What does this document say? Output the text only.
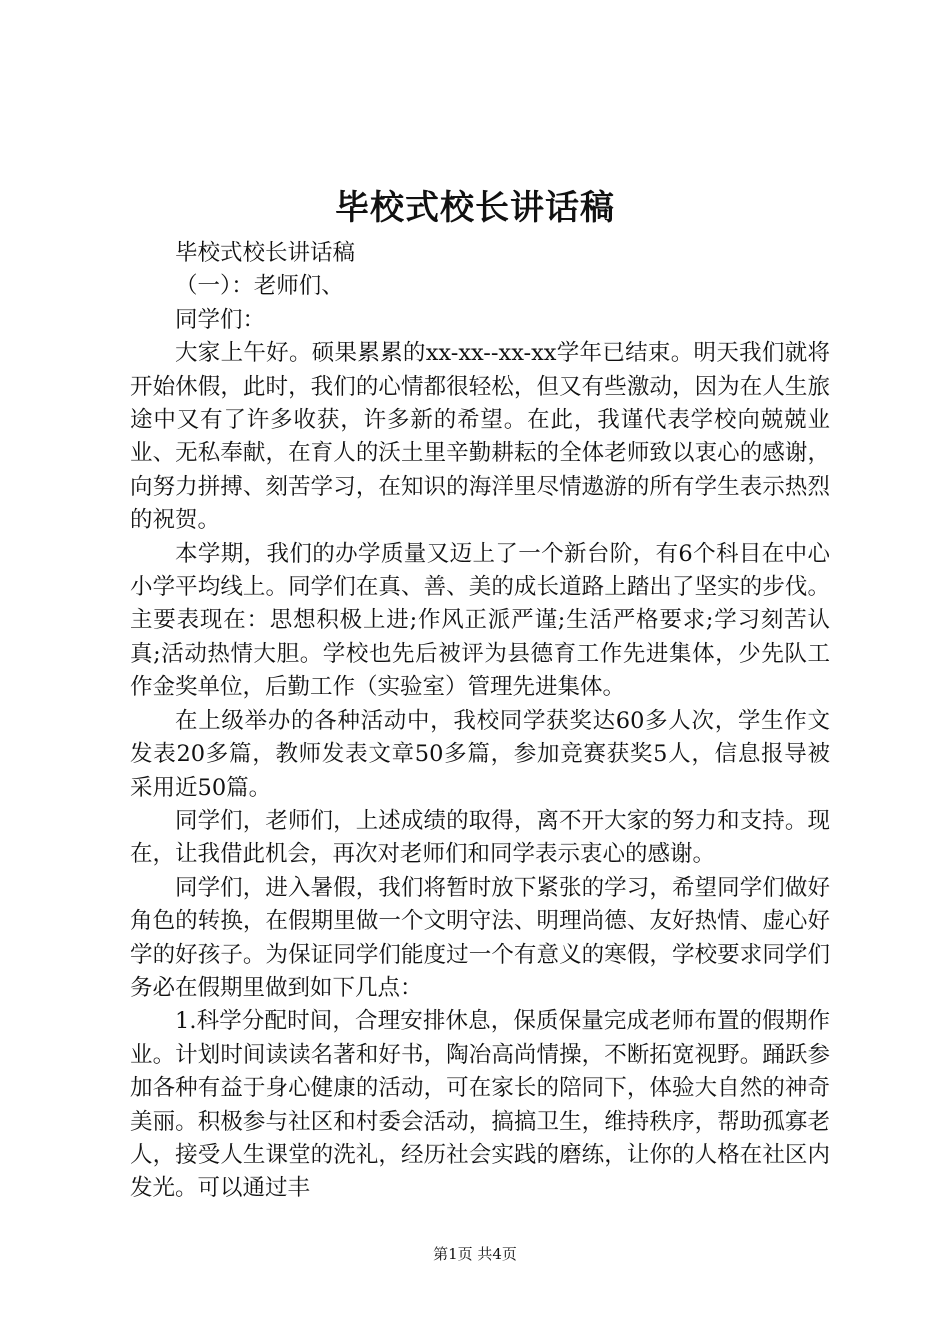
毕校式校长讲话稿

毕校式校长讲话稿

（一）：老师们、

同学们：

大家上午好。硕果累累的xx-xx--xx-xx学年已结束。明天我们就将开始休假，此时，我们的心情都很轻松，但又有些激动，因为在人生旅途中又有了许多收获，许多新的希望。在此，我谨代表学校向兢兢业业、无私奉献，在育人的沃土里辛勤耕耘的全体老师致以衷心的感谢，向努力拼搏、刻苦学习，在知识的海洋里尽情遨游的所有学生表示热烈的祝贺。

本学期，我们的办学质量又迈上了一个新台阶，有6个科目在中心小学平均线上。同学们在真、善、美的成长道路上踏出了坚实的步伐。主要表现在：思想积极上进;作风正派严谨;生活严格要求;学习刻苦认真;活动热情大胆。学校也先后被评为县德育工作先进集体，少先队工作金奖单位，后勤工作（实验室）管理先进集体。

在上级举办的各种活动中，我校同学获奖达60多人次，学生作文发表20多篇，教师发表文章50多篇，参加竞赛获奖5人，信息报导被采用近50篇。

同学们，老师们，上述成绩的取得，离不开大家的努力和支持。现在，让我借此机会，再次对老师们和同学表示衷心的感谢。

同学们，进入暑假，我们将暂时放下紧张的学习，希望同学们做好角色的转换，在假期里做一个文明守法、明理尚德、友好热情、虚心好学的好孩子。为保证同学们能度过一个有意义的寒假，学校要求同学们务必在假期里做到如下几点：

1.科学分配时间，合理安排休息，保质保量完成老师布置的假期作业。计划时间读读名著和好书，陶冶高尚情操，不断拓宽视野。踊跃参加各种有益于身心健康的活动，可在家长的陪同下，体验大自然的神奇美丽。积极参与社区和村委会活动，搞搞卫生，维持秩序，帮助孤寡老人，接受人生课堂的洗礼，经历社会实践的磨练，让你的人格在社区内发光。可以通过丰

第1页 共4页
